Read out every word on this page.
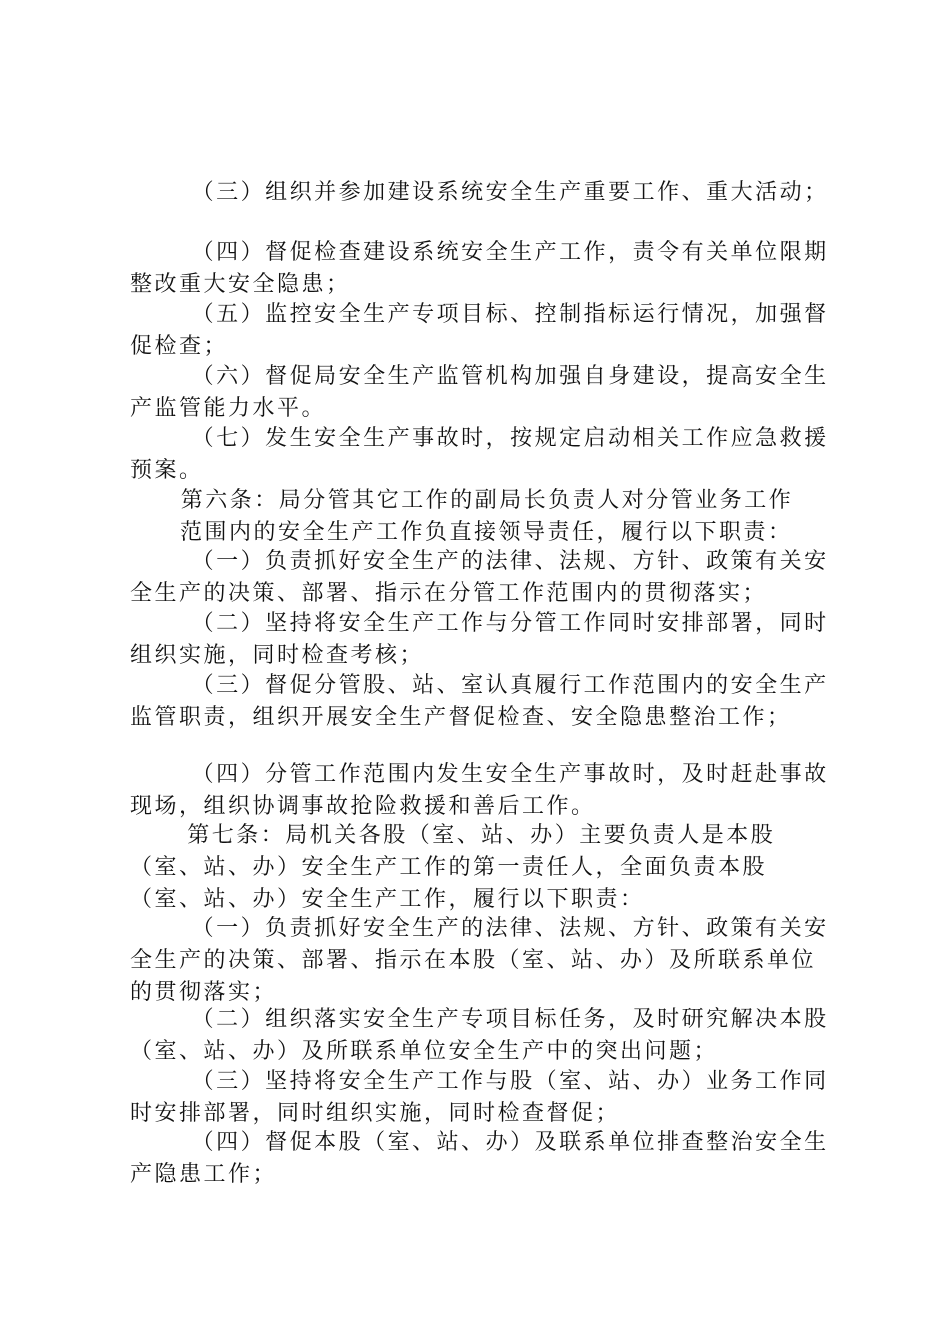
（三）组织并参加建设系统安全生产重要工作、重大活动；

（四）督促检查建设系统安全生产工作，责令有关单位限期整改重大安全隐患；

（五）监控安全生产专项目标、控制指标运行情况，加强督促检查；

（六）督促局安全生产监管机构加强自身建设，提高安全生产监管能力水平。

（七）发生安全生产事故时，按规定启动相关工作应急救援预案。

第六条：局分管其它工作的副局长负责人对分管业务工作
范围内的安全生产工作负直接领导责任，履行以下职责：

（一）负责抓好安全生产的法律、法规、方针、政策有关安全生产的决策、部署、指示在分管工作范围内的贯彻落实；

（二）坚持将安全生产工作与分管工作同时安排部署，同时组织实施，同时检查考核；

（三）督促分管股、站、室认真履行工作范围内的安全生产监管职责，组织开展安全生产督促检查、安全隐患整治工作；

（四）分管工作范围内发生安全生产事故时，及时赶赴事故现场，组织协调事故抢险救援和善后工作。

第七条：局机关各股（室、站、办）主要负责人是本股（室、站、办）安全生产工作的第一责任人，全面负责本股（室、站、办）安全生产工作，履行以下职责：

（一）负责抓好安全生产的法律、法规、方针、政策有关安全生产的决策、部署、指示在本股（室、站、办）及所联系单位的贯彻落实；

（二）组织落实安全生产专项目标任务，及时研究解决本股（室、站、办）及所联系单位安全生产中的突出问题；

（三）坚持将安全生产工作与股（室、站、办）业务工作同时安排部署，同时组织实施，同时检查督促；

（四）督促本股（室、站、办）及联系单位排查整治安全生产隐患工作；
